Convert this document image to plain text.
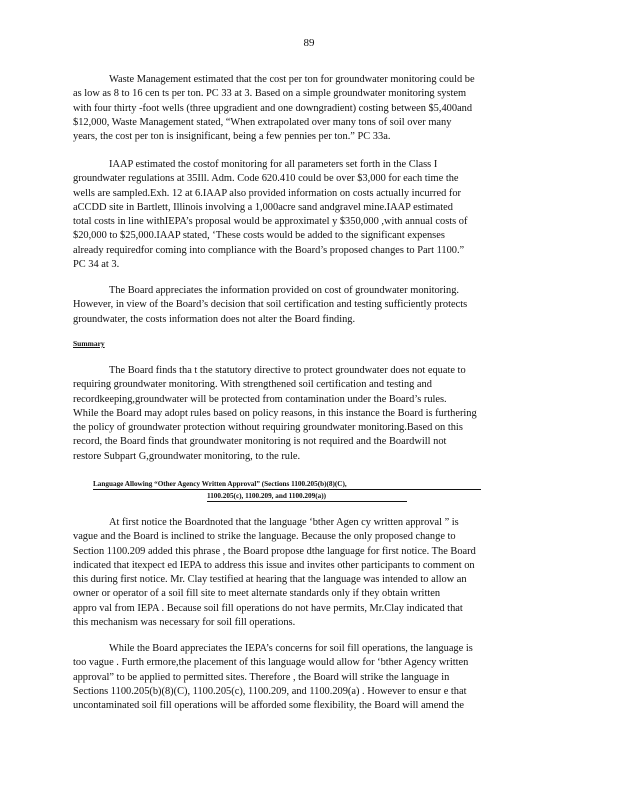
89
Waste Management estimated that the cost per ton for groundwater monitoring could be
as low as 8 to 16 cen ts per ton. PC 33 at 3. Based on a simple groundwater monitoring system
with four thirty -foot wells (three upgradient and one downgradient) costing between $5,400and
$12,000, Waste Management stated, “When extrapolated over many tons of soil over many
years, the cost per ton is insignificant, being a few pennies per ton.” PC 33a.
IAAP estimated the costof monitoring for all parameters set forth in the Class I
groundwater regulations at 35Ill. Adm. Code 620.410 could be over $3,000 for each time the
wells are sampled.Exh. 12 at 6.IAAP also provided information on costs actually incurred for
aCCDD site in Bartlett, Illinois involving a 1,000acre sand andgravel mine.IAAP estimated
total costs in line withIEPA’s proposal would be approximatel y $350,000 ,with annual costs of
$20,000 to $25,000.IAAP stated, ‘These costs would be added to the significant expenses
already requiredfor coming into compliance with the Board’s proposed changes to Part 1100.”
PC 34 at 3.
The Board appreciates the information provided on cost of groundwater monitoring.
However, in view of the Board’s decision that soil certification and testing sufficiently protects
groundwater, the costs information does not alter the Board finding.
Summary
The Board finds tha t the statutory directive to protect groundwater does not equate to
requiring groundwater monitoring. With strengthened soil certification and testing and
recordkeeping,groundwater will be protected from contamination under the Board’s rules.
While the Board may adopt rules based on policy reasons, in this instance the Board is furthering
the policy of groundwater protection without requiring groundwater monitoring.Based on this
record, the Board finds that groundwater monitoring is not required and the Boardwill not
restore Subpart G,groundwater monitoring, to the rule.
Language Allowing “Other Agency Written Approval” (Sections 1100.205(b)(8)(C),
1100.205(c), 1100.209, and 1100.209(a))
At first notice the Boardnoted that the language ‘bther Agen cy written approval ” is
vague and the Board is inclined to strike the language. Because the only proposed change to
Section 1100.209 added this phrase , the Board propose dthe language for first notice. The Board
indicated that itexpect ed IEPA to address this issue and invites other participants to comment on
this during first notice. Mr. Clay testified at hearing that the language was intended to allow an
owner or operator of a soil fill site to meet alternate standards only if they obtain written
appro val from IEPA . Because soil fill operations do not have permits, Mr.Clay indicated that
this mechanism was necessary for soil fill operations.
While the Board appreciates the IEPA’s concerns for soil fill operations, the language is
too vague . Furth ermore,the placement of this language would allow for ‘bther Agency written
approval” to be applied to permitted sites. Therefore , the Board will strike the language in
Sections 1100.205(b)(8)(C), 1100.205(c), 1100.209, and 1100.209(a) . However to ensur e that
uncontaminated soil fill operations will be afforded some flexibility, the Board will amend the
